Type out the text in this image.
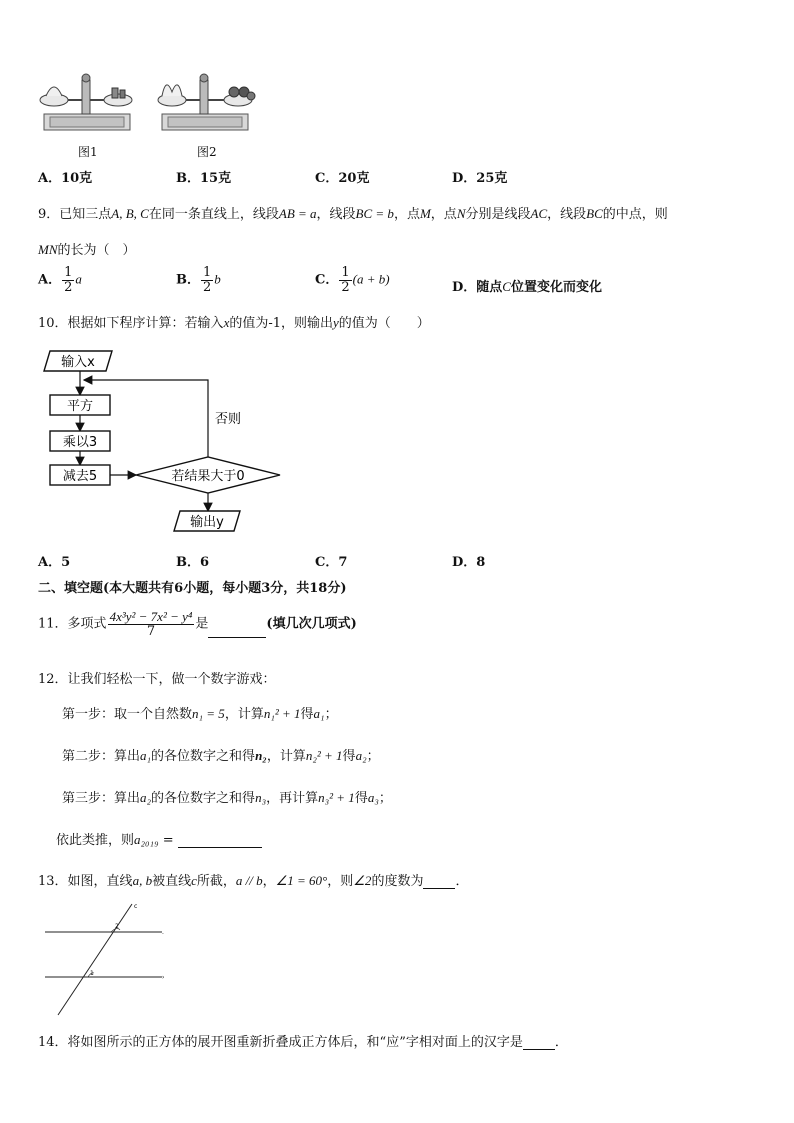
图1	图2
A．10克	B．15克	C．20克	D．25克
9．已知三点A, B, C在同一条直线上，线段AB = a，线段BC = b，点M，点N分别是线段AC，线段BC的中点，则
MN的长为（　）
A． $\frac{1}{2}$ a	B． $\frac{1}{2}$ b	C． $\frac{1}{2} (a + b)$
D．随点C位置变化而变化
10．根据如下程序计算：若输入x的值为-1，则输出y的值为（　　）
输入x
否则
平方
乘以3
减去5	若结果大于0
输出y
A．5	B．6	C．7	D．8
二、填空题(本大题共有6小题，每小题3分，共18分)
11．多项式 $\frac{\text{4x³y² − 7x² − y⁴}}{7}$ 是	(填几次几项式)
12．让我们轻松一下，做一个数字游戏：
第一步：取一个自然数n₁ = 5，计算n₁² + 1得a₁；
第二步：算出a₁的各位数字之和得n₂，计算n₂² + 1得a₂；
第三步：算出a₂的各位数字之和得n₃，再计算n₃² + 1得a₃；
依此类推，则a₂₀₁₉ =
13．如图，直线a, b被直线c所截，a // b，∠1 = 60°，则∠2的度数为 ．
c
2
1
.
›
14．将如图所示的正方体的展开图重新折叠成正方体后，和“应”字相对面上的汉字是 ．
